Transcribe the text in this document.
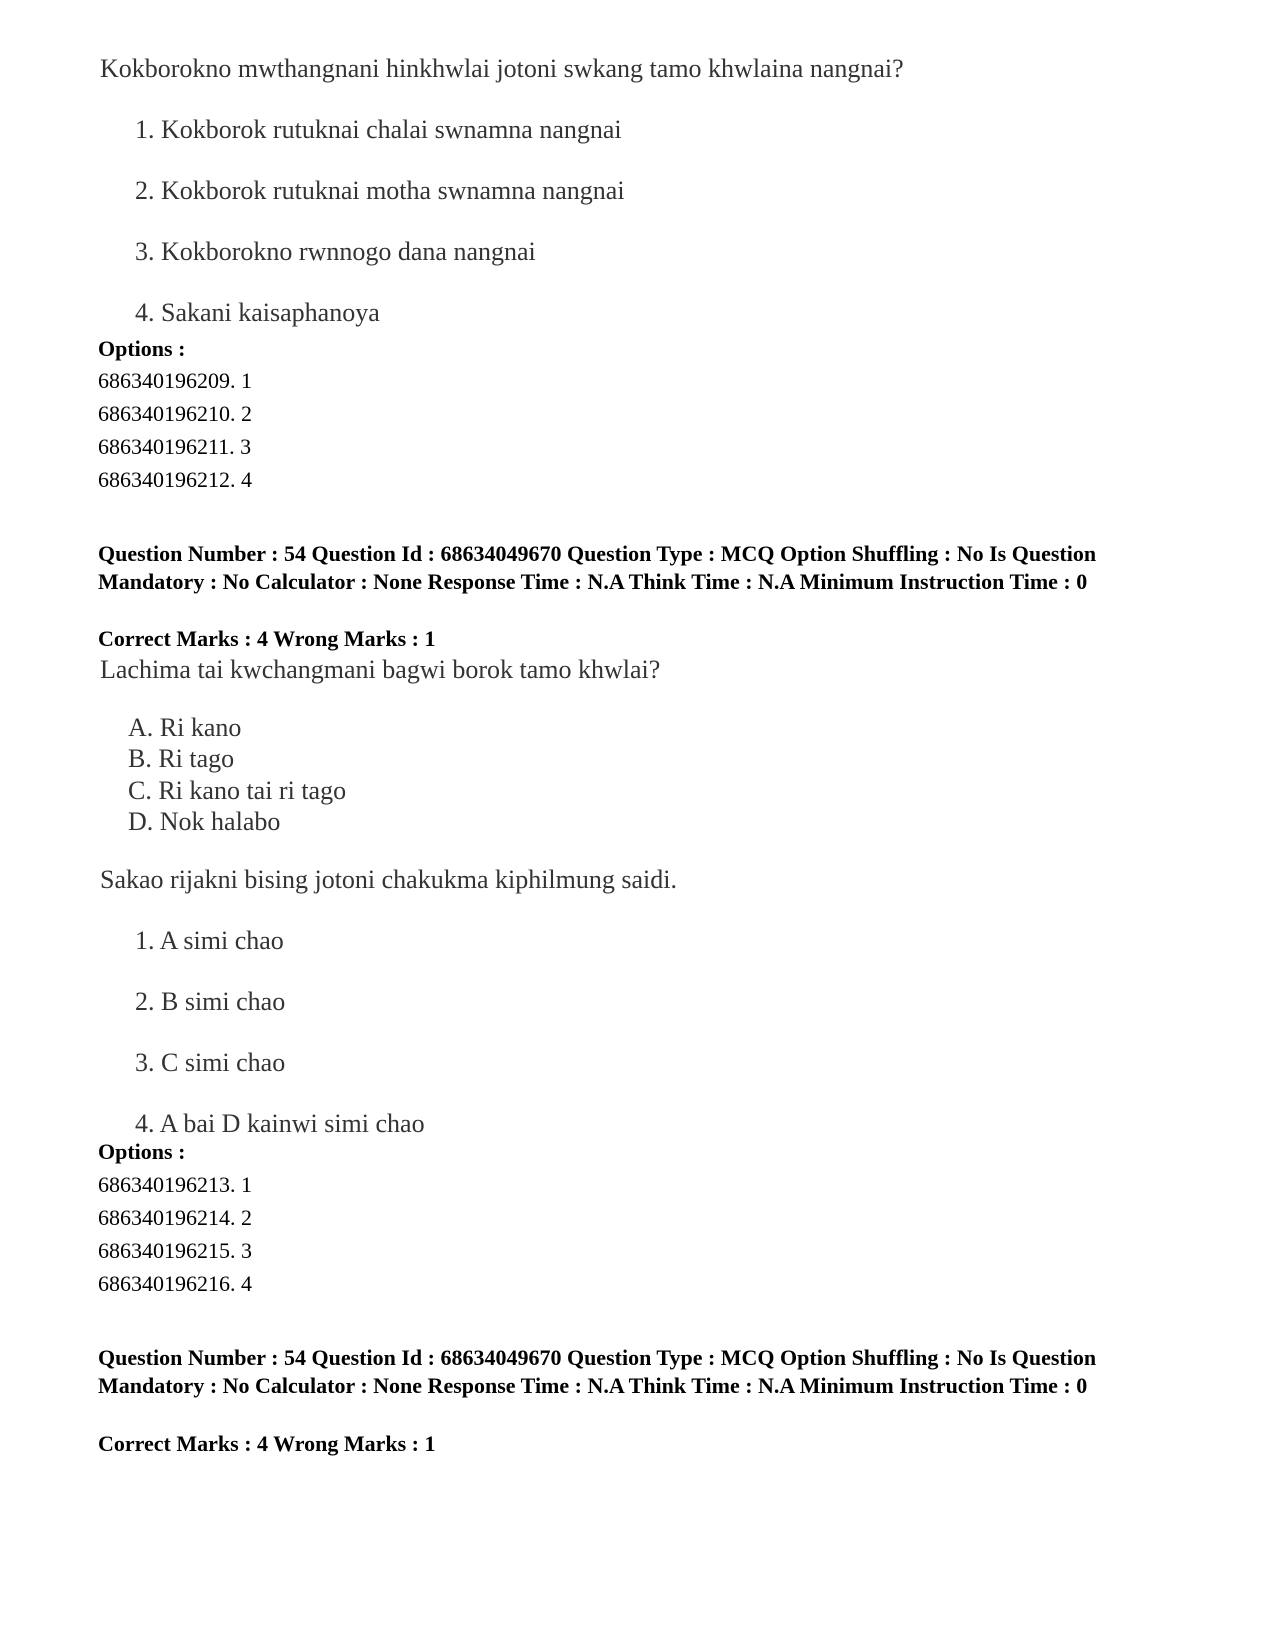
Kokborokno mwthangnani hinkhwlai jotoni swkang tamo khwlaina nangnai?
1. Kokborok rutuknai chalai swnamna nangnai
2. Kokborok rutuknai motha swnamna nangnai
3. Kokborokno rwnnogo dana nangnai
4. Sakani kaisaphanoya
Options :
686340196209. 1
686340196210. 2
686340196211. 3
686340196212. 4
Question Number : 54 Question Id : 68634049670 Question Type : MCQ Option Shuffling : No Is Question Mandatory : No Calculator : None Response Time : N.A Think Time : N.A Minimum Instruction Time : 0
Correct Marks : 4 Wrong Marks : 1
Lachima tai kwchangmani bagwi borok tamo khwlai?
A. Ri kano
B. Ri tago
C. Ri kano tai ri tago
D. Nok halabo
Sakao rijakni bising jotoni chakukma kiphilmung saidi.
1. A simi chao
2. B simi chao
3. C simi chao
4. A bai D kainwi simi chao
Options :
686340196213. 1
686340196214. 2
686340196215. 3
686340196216. 4
Question Number : 54 Question Id : 68634049670 Question Type : MCQ Option Shuffling : No Is Question Mandatory : No Calculator : None Response Time : N.A Think Time : N.A Minimum Instruction Time : 0
Correct Marks : 4 Wrong Marks : 1
